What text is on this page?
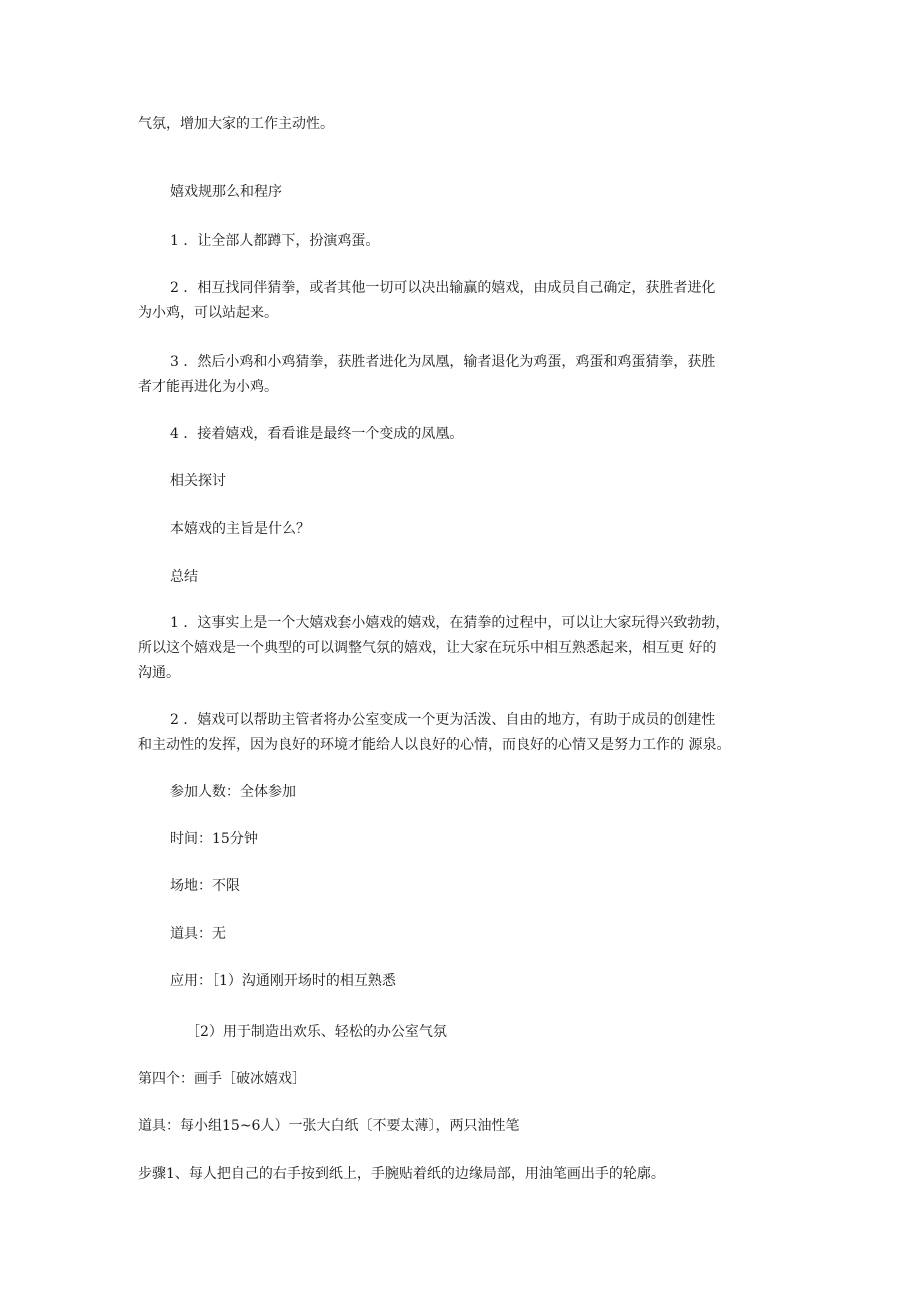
气氛，增加大家的工作主动性。

嬉戏规那么和程序

1 ．让全部人都蹲下，扮演鸡蛋。

2 ．相互找同伴猜拳，或者其他一切可以决出输赢的嬉戏，由成员自己确定，获胜者进化

为小鸡，可以站起来。

3 ．然后小鸡和小鸡猜拳，获胜者进化为凤凰，输者退化为鸡蛋，鸡蛋和鸡蛋猜拳，获胜

者才能再进化为小鸡。

4 ．接着嬉戏，看看谁是最终一个变成的凤凰。

相关探讨

本嬉戏的主旨是什么？

总结

1 ．这事实上是一个大嬉戏套小嬉戏的嬉戏，在猜拳的过程中，可以让大家玩得兴致勃勃，

所以这个嬉戏是一个典型的可以调整气氛的嬉戏，让大家在玩乐中相互熟悉起来，相互更 好的

沟通。

2 ．嬉戏可以帮助主管者将办公室变成一个更为活泼、自由的地方，有助于成员的创建性

和主动性的发挥，因为良好的环境才能给人以良好的心情，而良好的心情又是努力工作的 源泉。

参加人数：全体参加

时间：15分钟

场地：不限

道具：无

应用：［1）沟通刚开场时的相互熟悉

［2）用于制造出欢乐、轻松的办公室气氛

第四个：画手［破冰嬉戏］

道具：每小组15~6人）一张大白纸〔不要太薄〕，两只油性笔

步骤1、每人把自己的右手按到纸上，手腕贴着纸的边缘局部，用油笔画出手的轮廓。
